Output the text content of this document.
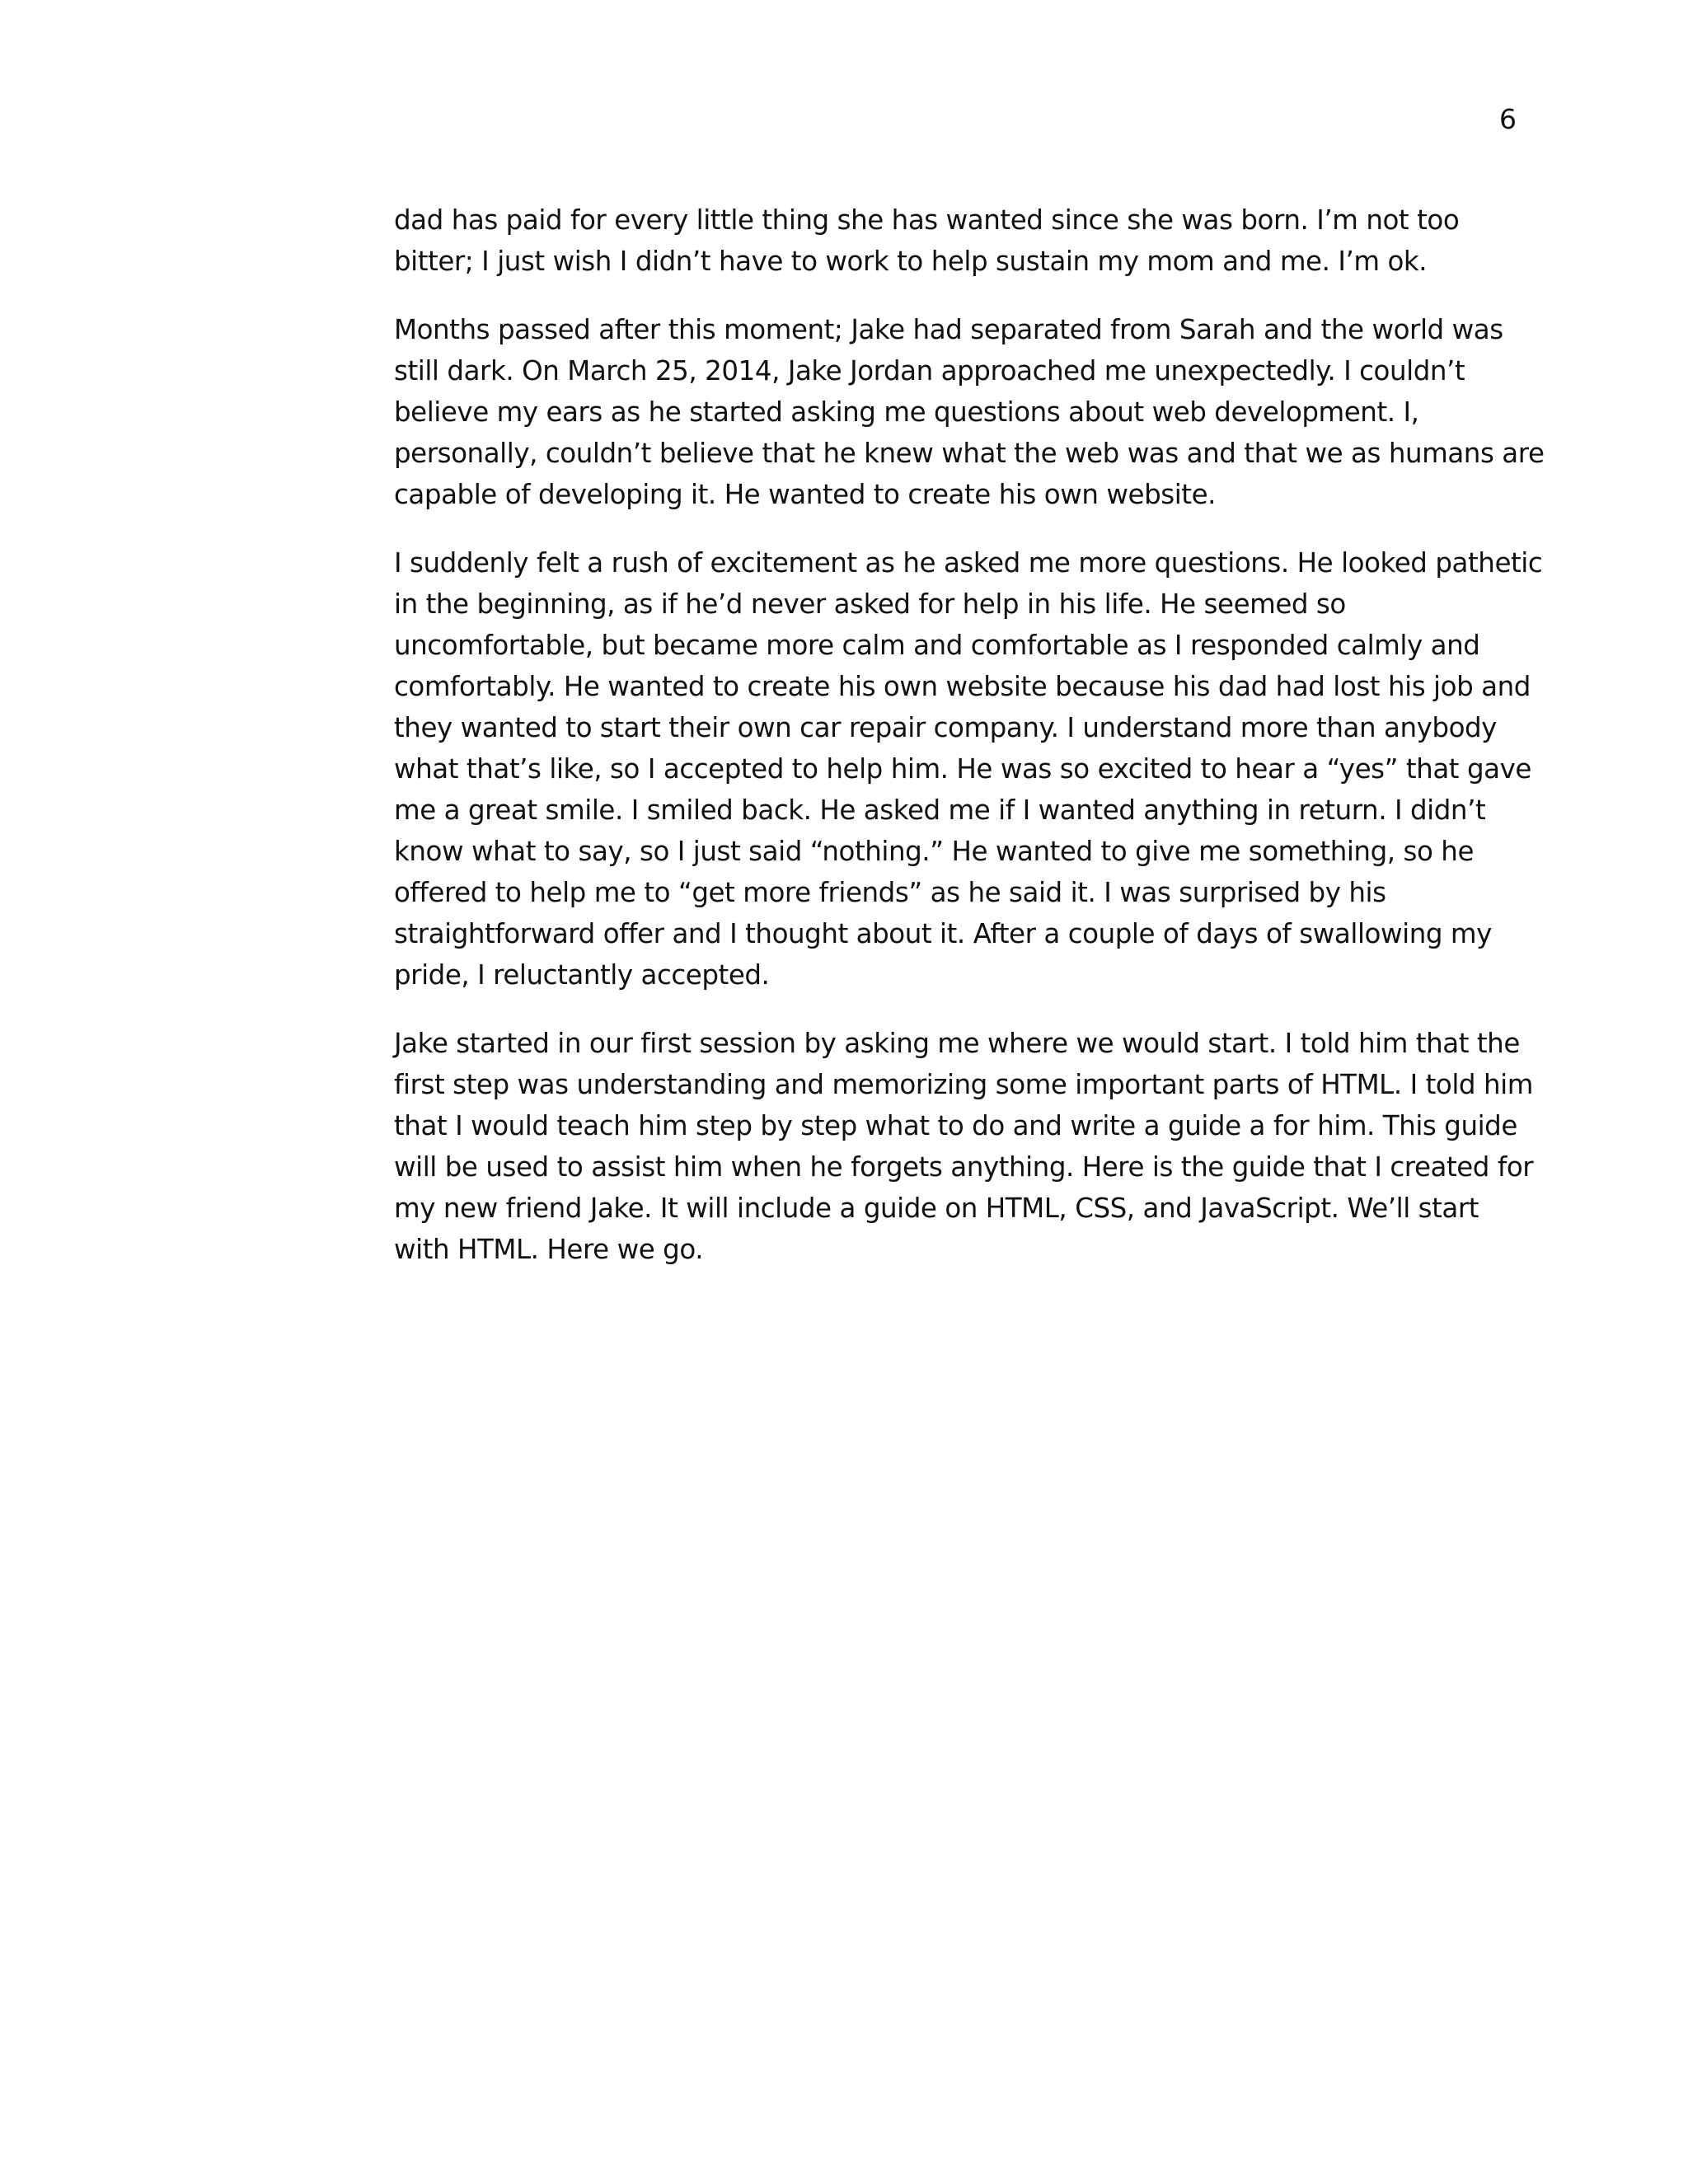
6

dad has paid for every little thing she has wanted since she was born. I’m not too
bitter; I just wish I didn’t have to work to help sustain my mom and me. I’m ok.

Months passed after this moment; Jake had separated from Sarah and the world was
still dark. On March 25, 2014, Jake Jordan approached me unexpectedly. I couldn’t
believe my ears as he started asking me questions about web development. I,
personally, couldn’t believe that he knew what the web was and that we as humans are
capable of developing it. He wanted to create his own website.

I suddenly felt a rush of excitement as he asked me more questions. He looked pathetic
in the beginning, as if he’d never asked for help in his life. He seemed so
uncomfortable, but became more calm and comfortable as I responded calmly and
comfortably. He wanted to create his own website because his dad had lost his job and
they wanted to start their own car repair company. I understand more than anybody
what that’s like, so I accepted to help him. He was so excited to hear a “yes” that gave
me a great smile. I smiled back. He asked me if I wanted anything in return. I didn’t
know what to say, so I just said “nothing.” He wanted to give me something, so he
offered to help me to “get more friends” as he said it. I was surprised by his
straightforward offer and I thought about it. After a couple of days of swallowing my
pride, I reluctantly accepted.

Jake started in our first session by asking me where we would start. I told him that the
first step was understanding and memorizing some important parts of HTML. I told him
that I would teach him step by step what to do and write a guide a for him. This guide
will be used to assist him when he forgets anything. Here is the guide that I created for
my new friend Jake. It will include a guide on HTML, CSS, and JavaScript. We’ll start
with HTML. Here we go.
